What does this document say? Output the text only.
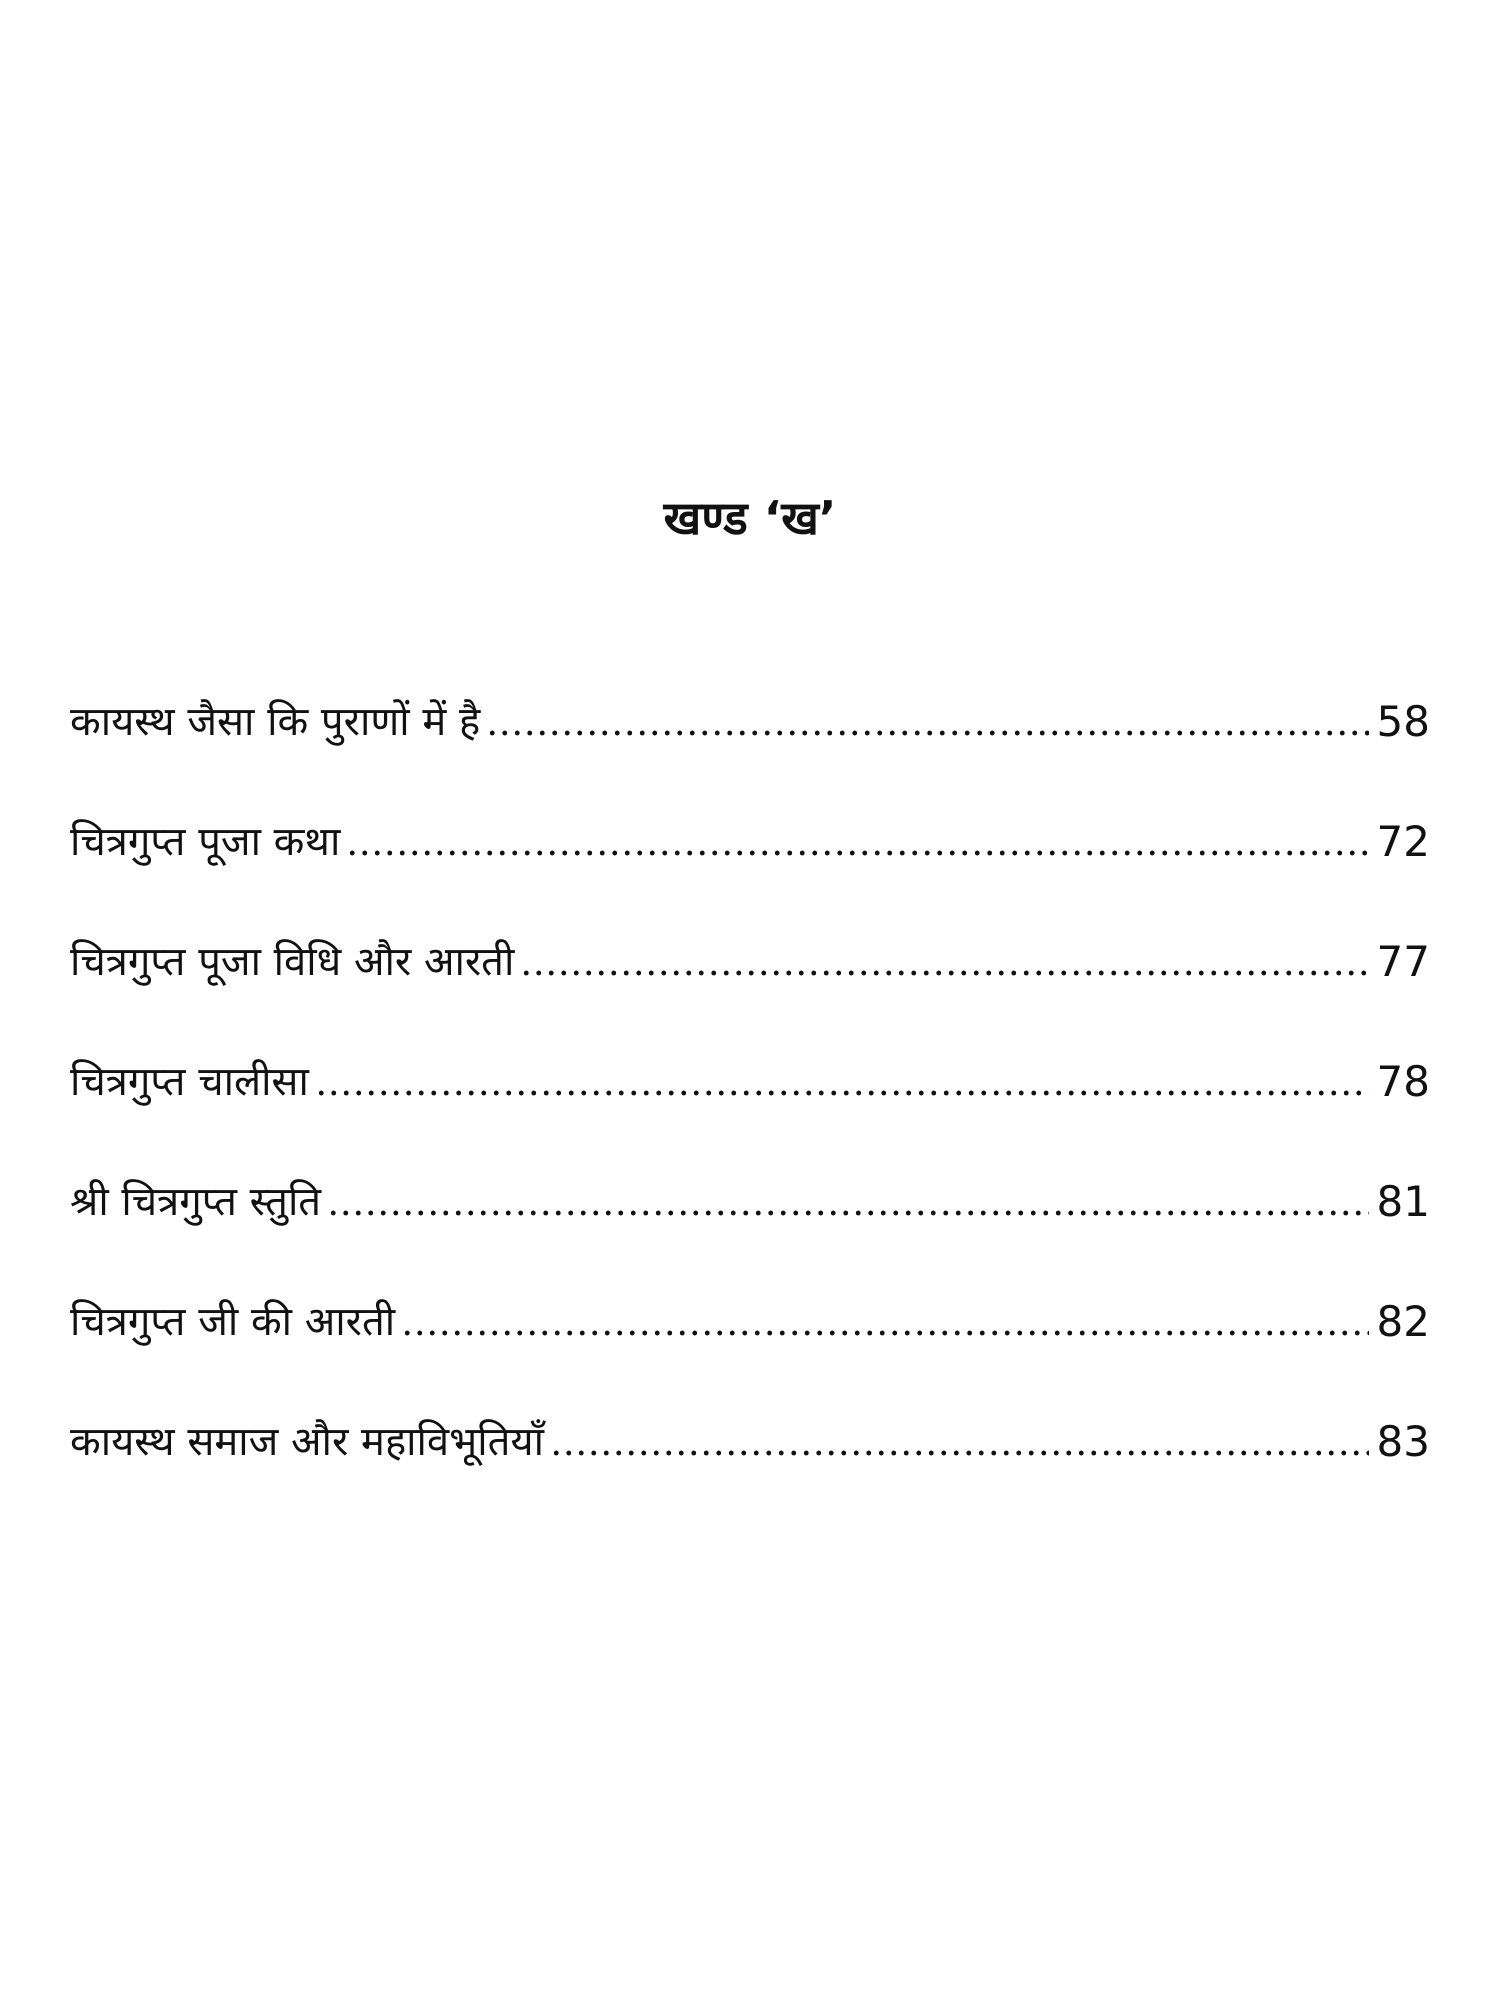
खण्ड ‘ख’
कायस्थ जैसा कि पुराणों में है	58
चित्रगुप्त पूजा कथा	72
चित्रगुप्त पूजा विधि और आरती	77
चित्रगुप्त चालीसा	78
श्री चित्रगुप्त स्तुति	81
चित्रगुप्त जी की आरती	82
कायस्थ समाज और महाविभूतियाँ	83
